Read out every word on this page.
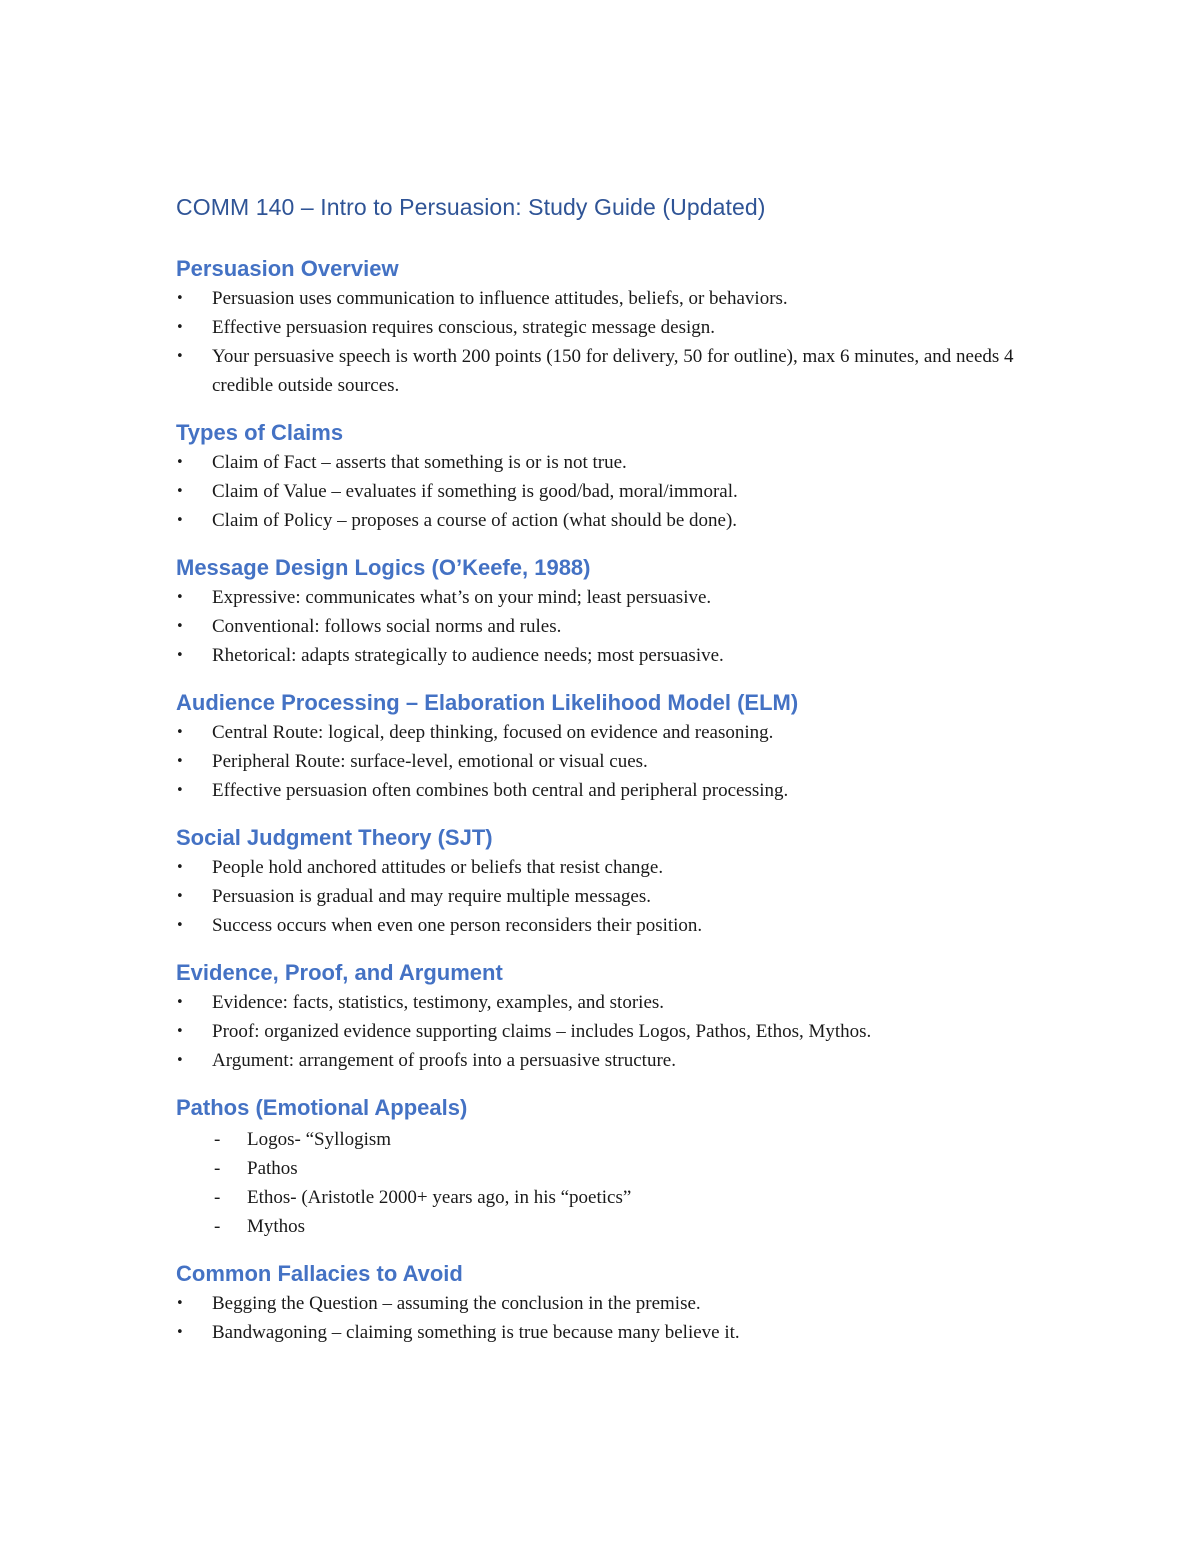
COMM 140 – Intro to Persuasion: Study Guide (Updated)
Persuasion Overview
• Persuasion uses communication to influence attitudes, beliefs, or behaviors.
• Effective persuasion requires conscious, strategic message design.
• Your persuasive speech is worth 200 points (150 for delivery, 50 for outline), max 6 minutes, and needs 4 credible outside sources.
Types of Claims
• Claim of Fact – asserts that something is or is not true.
• Claim of Value – evaluates if something is good/bad, moral/immoral.
• Claim of Policy – proposes a course of action (what should be done).
Message Design Logics (O’Keefe, 1988)
• Expressive: communicates what’s on your mind; least persuasive.
• Conventional: follows social norms and rules.
• Rhetorical: adapts strategically to audience needs; most persuasive.
Audience Processing – Elaboration Likelihood Model (ELM)
• Central Route: logical, deep thinking, focused on evidence and reasoning.
• Peripheral Route: surface-level, emotional or visual cues.
• Effective persuasion often combines both central and peripheral processing.
Social Judgment Theory (SJT)
• People hold anchored attitudes or beliefs that resist change.
• Persuasion is gradual and may require multiple messages.
• Success occurs when even one person reconsiders their position.
Evidence, Proof, and Argument
• Evidence: facts, statistics, testimony, examples, and stories.
• Proof: organized evidence supporting claims – includes Logos, Pathos, Ethos, Mythos.
• Argument: arrangement of proofs into a persuasive structure.
Pathos (Emotional Appeals)
- Logos- “Syllogism
- Pathos
- Ethos- (Aristotle 2000+ years ago, in his “poetics”
- Mythos
Common Fallacies to Avoid
• Begging the Question – assuming the conclusion in the premise.
• Bandwagoning – claiming something is true because many believe it.
